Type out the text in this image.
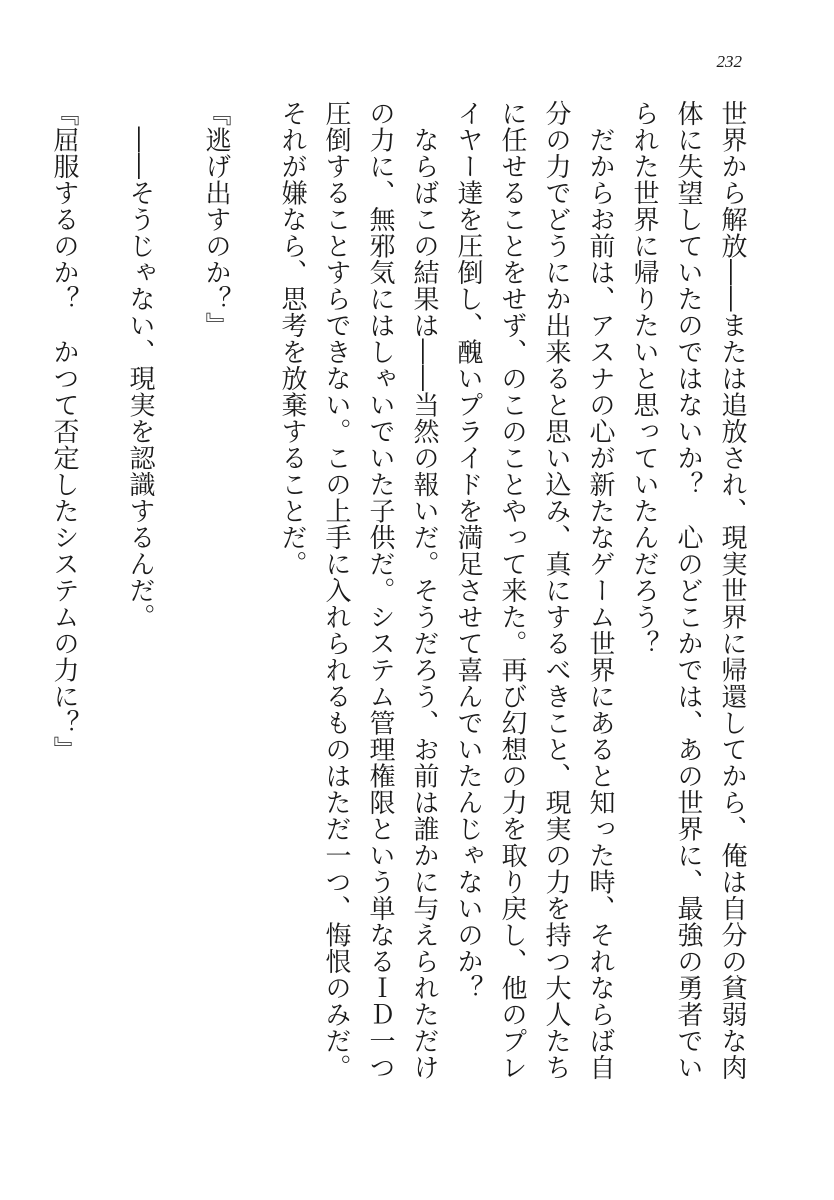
232

世界から解放――または追放され、現実世界に帰還してから、俺は自分の貧弱な肉体に失望していたのではないか？　心のどこかでは、あの世界に、最強の勇者でいられた世界に帰りたいと思っていたんだろう？

　だからお前は、アスナの心が新たなゲーム世界にあると知った時、それならば自分の力でどうにか出来ると思い込み、真にするべきこと、現実の力を持つ大人たちに任せることをせず、のこのことやって来た。再び幻想の力を取り戻し、他のプレイヤー達を圧倒し、醜いプライドを満足させて喜んでいたんじゃないのか？

　ならばこの結果は――当然の報いだ。そうだろう、お前は誰かに与えられただけの力に、無邪気にはしゃいでいた子供だ。システム管理権限という単なるＩＤ一つ圧倒することすらできない。この上手に入れられるものはただ一つ、悔恨のみだ。それが嫌なら、思考を放棄することだ。

『逃げ出すのか？』

　――そうじゃない、現実を認識するんだ。

『屈服するのか？　かつて否定したシステムの力に？』
